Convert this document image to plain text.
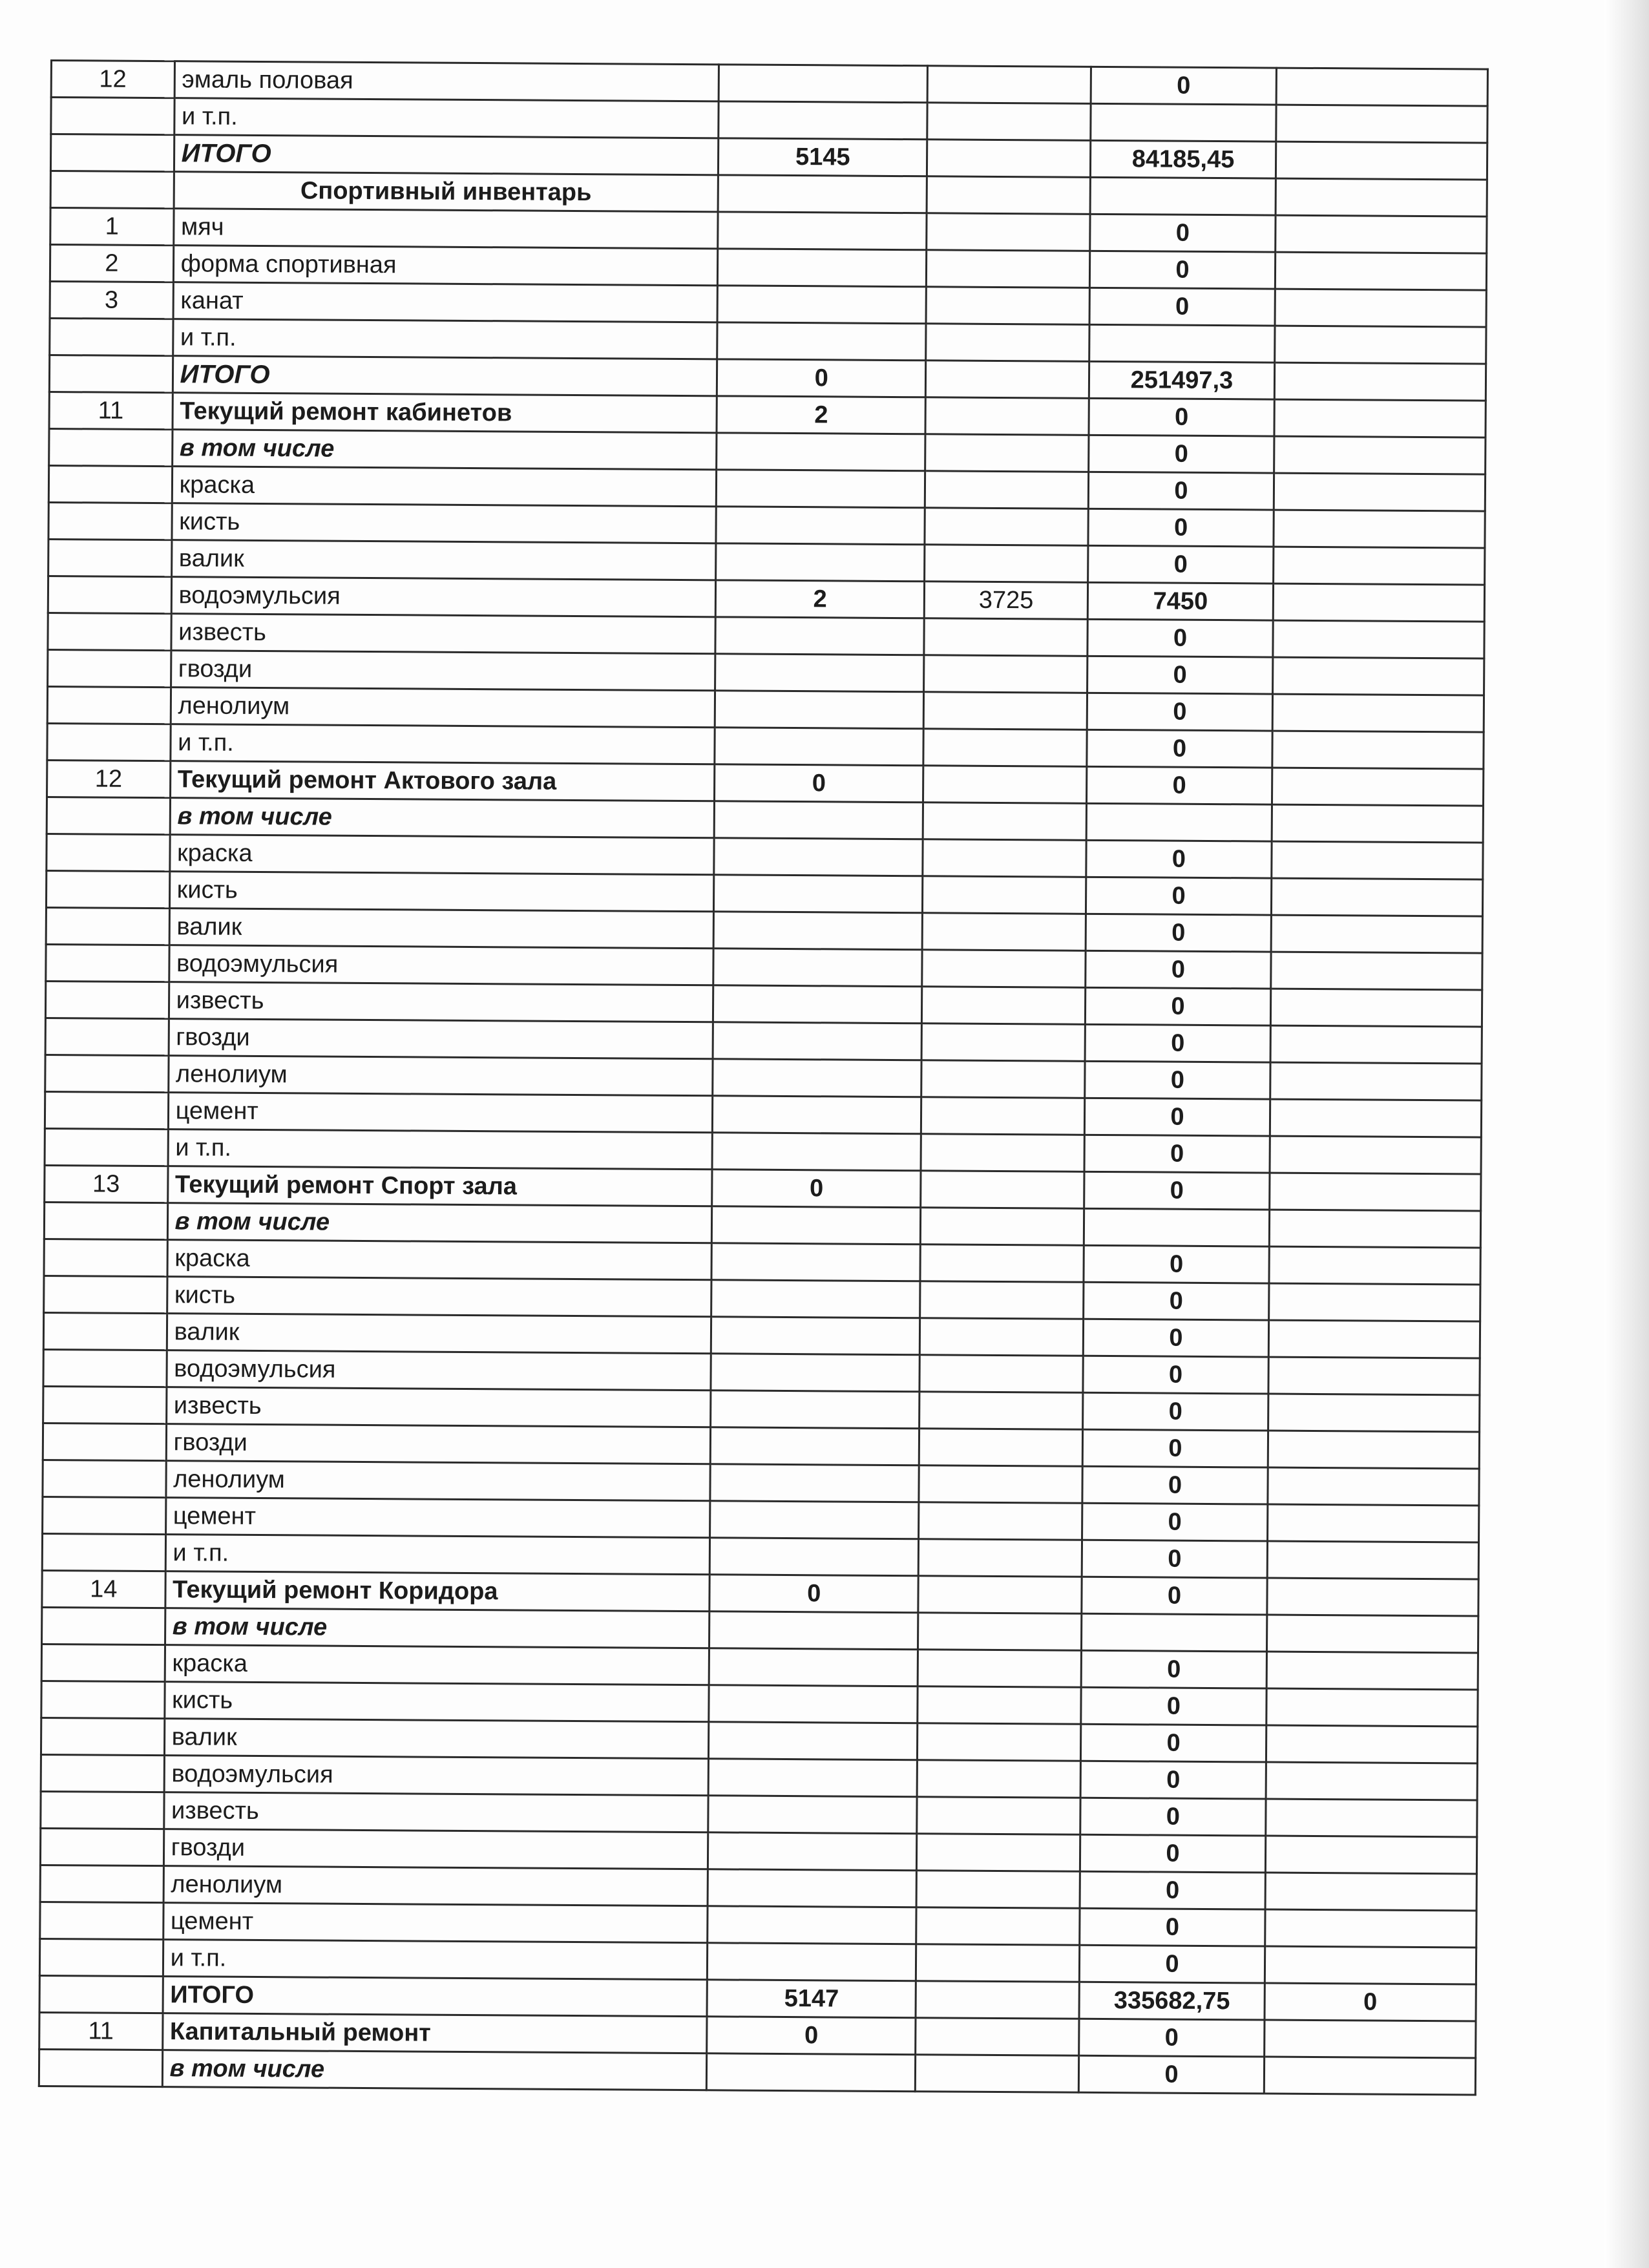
12	эмаль половая			0	
	и т.п.				
	ИТОГО	5145		84185,45	
	Спортивный инвентарь				
1	мяч			0	
2	форма спортивная			0	
3	канат			0	
	и т.п.				
	ИТОГО	0		251497,3	
11	Текущий ремонт кабинетов	2		0	
	в том числе			0	
	краска			0	
	кисть			0	
	валик			0	
	водоэмульсия	2	3725	7450	
	известь			0	
	гвозди			0	
	ленолиум			0	
	и т.п.			0	
12	Текущий ремонт Актового зала	0		0	
	в том числе				
	краска			0	
	кисть			0	
	валик			0	
	водоэмульсия			0	
	известь			0	
	гвозди			0	
	ленолиум			0	
	цемент			0	
	и т.п.			0	
13	Текущий ремонт Спорт зала	0		0	
	в том числе				
	краска			0	
	кисть			0	
	валик			0	
	водоэмульсия			0	
	известь			0	
	гвозди			0	
	ленолиум			0	
	цемент			0	
	и т.п.			0	
14	Текущий ремонт Коридора	0		0	
	в том числе				
	краска			0	
	кисть			0	
	валик			0	
	водоэмульсия			0	
	известь			0	
	гвозди			0	
	ленолиум			0	
	цемент			0	
	и т.п.			0	
	ИТОГО	5147		335682,75	0
11	Капитальный ремонт	0		0	
	в том числе			0	
